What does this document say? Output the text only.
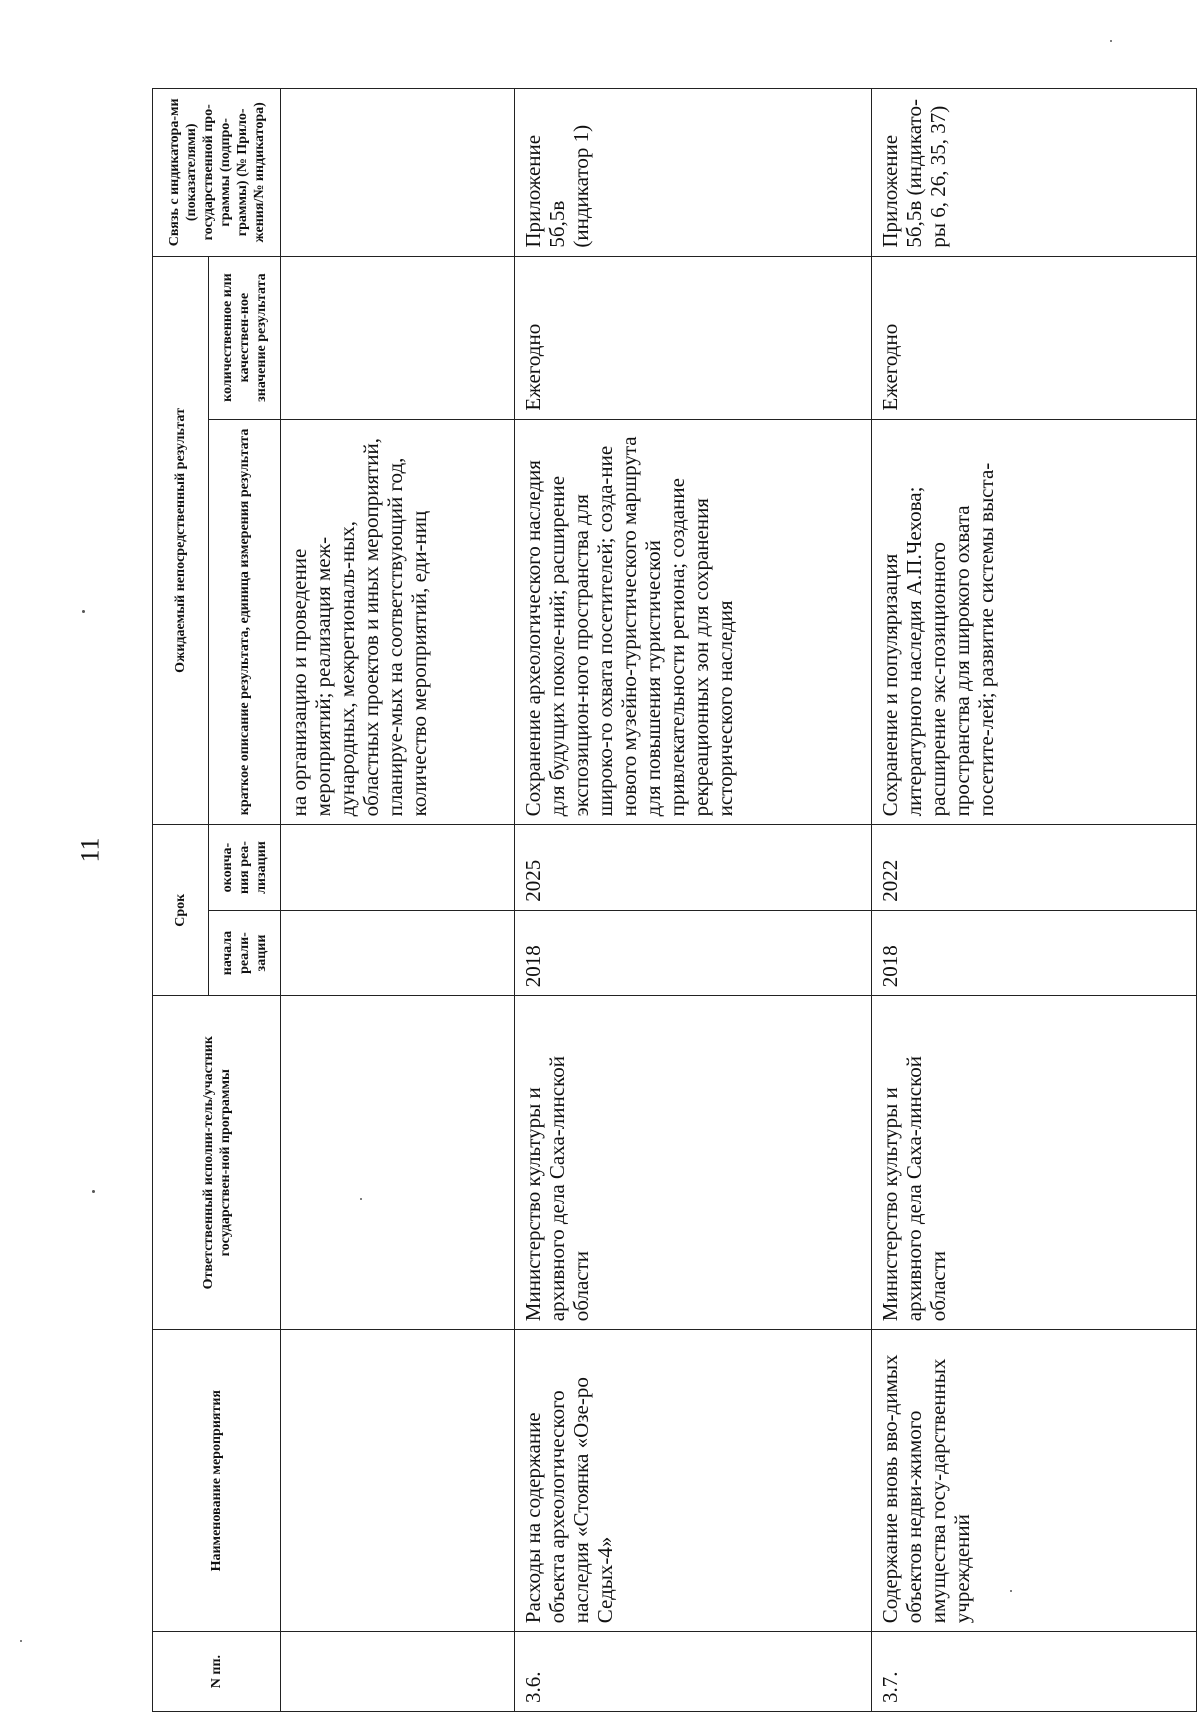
11
N пп.	Наименование мероприятия	Ответственный исполни-тель/участник государствен-ной программы	Срок		Ожидаемый непосредственный результат		Связь с индикатора-ми (показателями) государственной про-граммы (подпро-граммы) (№ Прило-жения/№ индикатора)
			начала реали-зации	оконча-ния реа-лизации	краткое описание результата, единица измерения результата	количественное или качествен-ное значение результата	
					на организацию и проведение мероприятий; реализация меж-дународных, межрегиональ-ных, областных проектов и иных мероприятий, планируе-мых на соответствующий год, количество мероприятий, еди-ниц		
3.6.	Расходы на содержание объекта археологического наследия «Стоянка «Озе-ро Седых-4»	Министерство культуры и архивного дела Саха-линской области	2018	2025	Сохранение археологического наследия для будущих поколе-ний; расширение экспозицион-ного пространства для широко-го охвата посетителей; созда-ние нового музейно-туристического маршрута для повышения туристической привлекательности региона; создание рекреационных зон для сохранения исторического наследия	Ежегодно	Приложение 5б,5в (индикатор 1)
3.7.	Содержание вновь вво-димых объектов недви-жимого имущества госу-дарственных учреждений	Министерство культуры и архивного дела Саха-линской области	2018	2022	Сохранение и популяризация литературного наследия А.П.Чехова; расширение экс-позиционного пространства для широкого охвата посетите-лей; развитие системы выста-	Ежегодно	Приложение 5б,5в (индикато-ры 6, 26, 35, 37)
